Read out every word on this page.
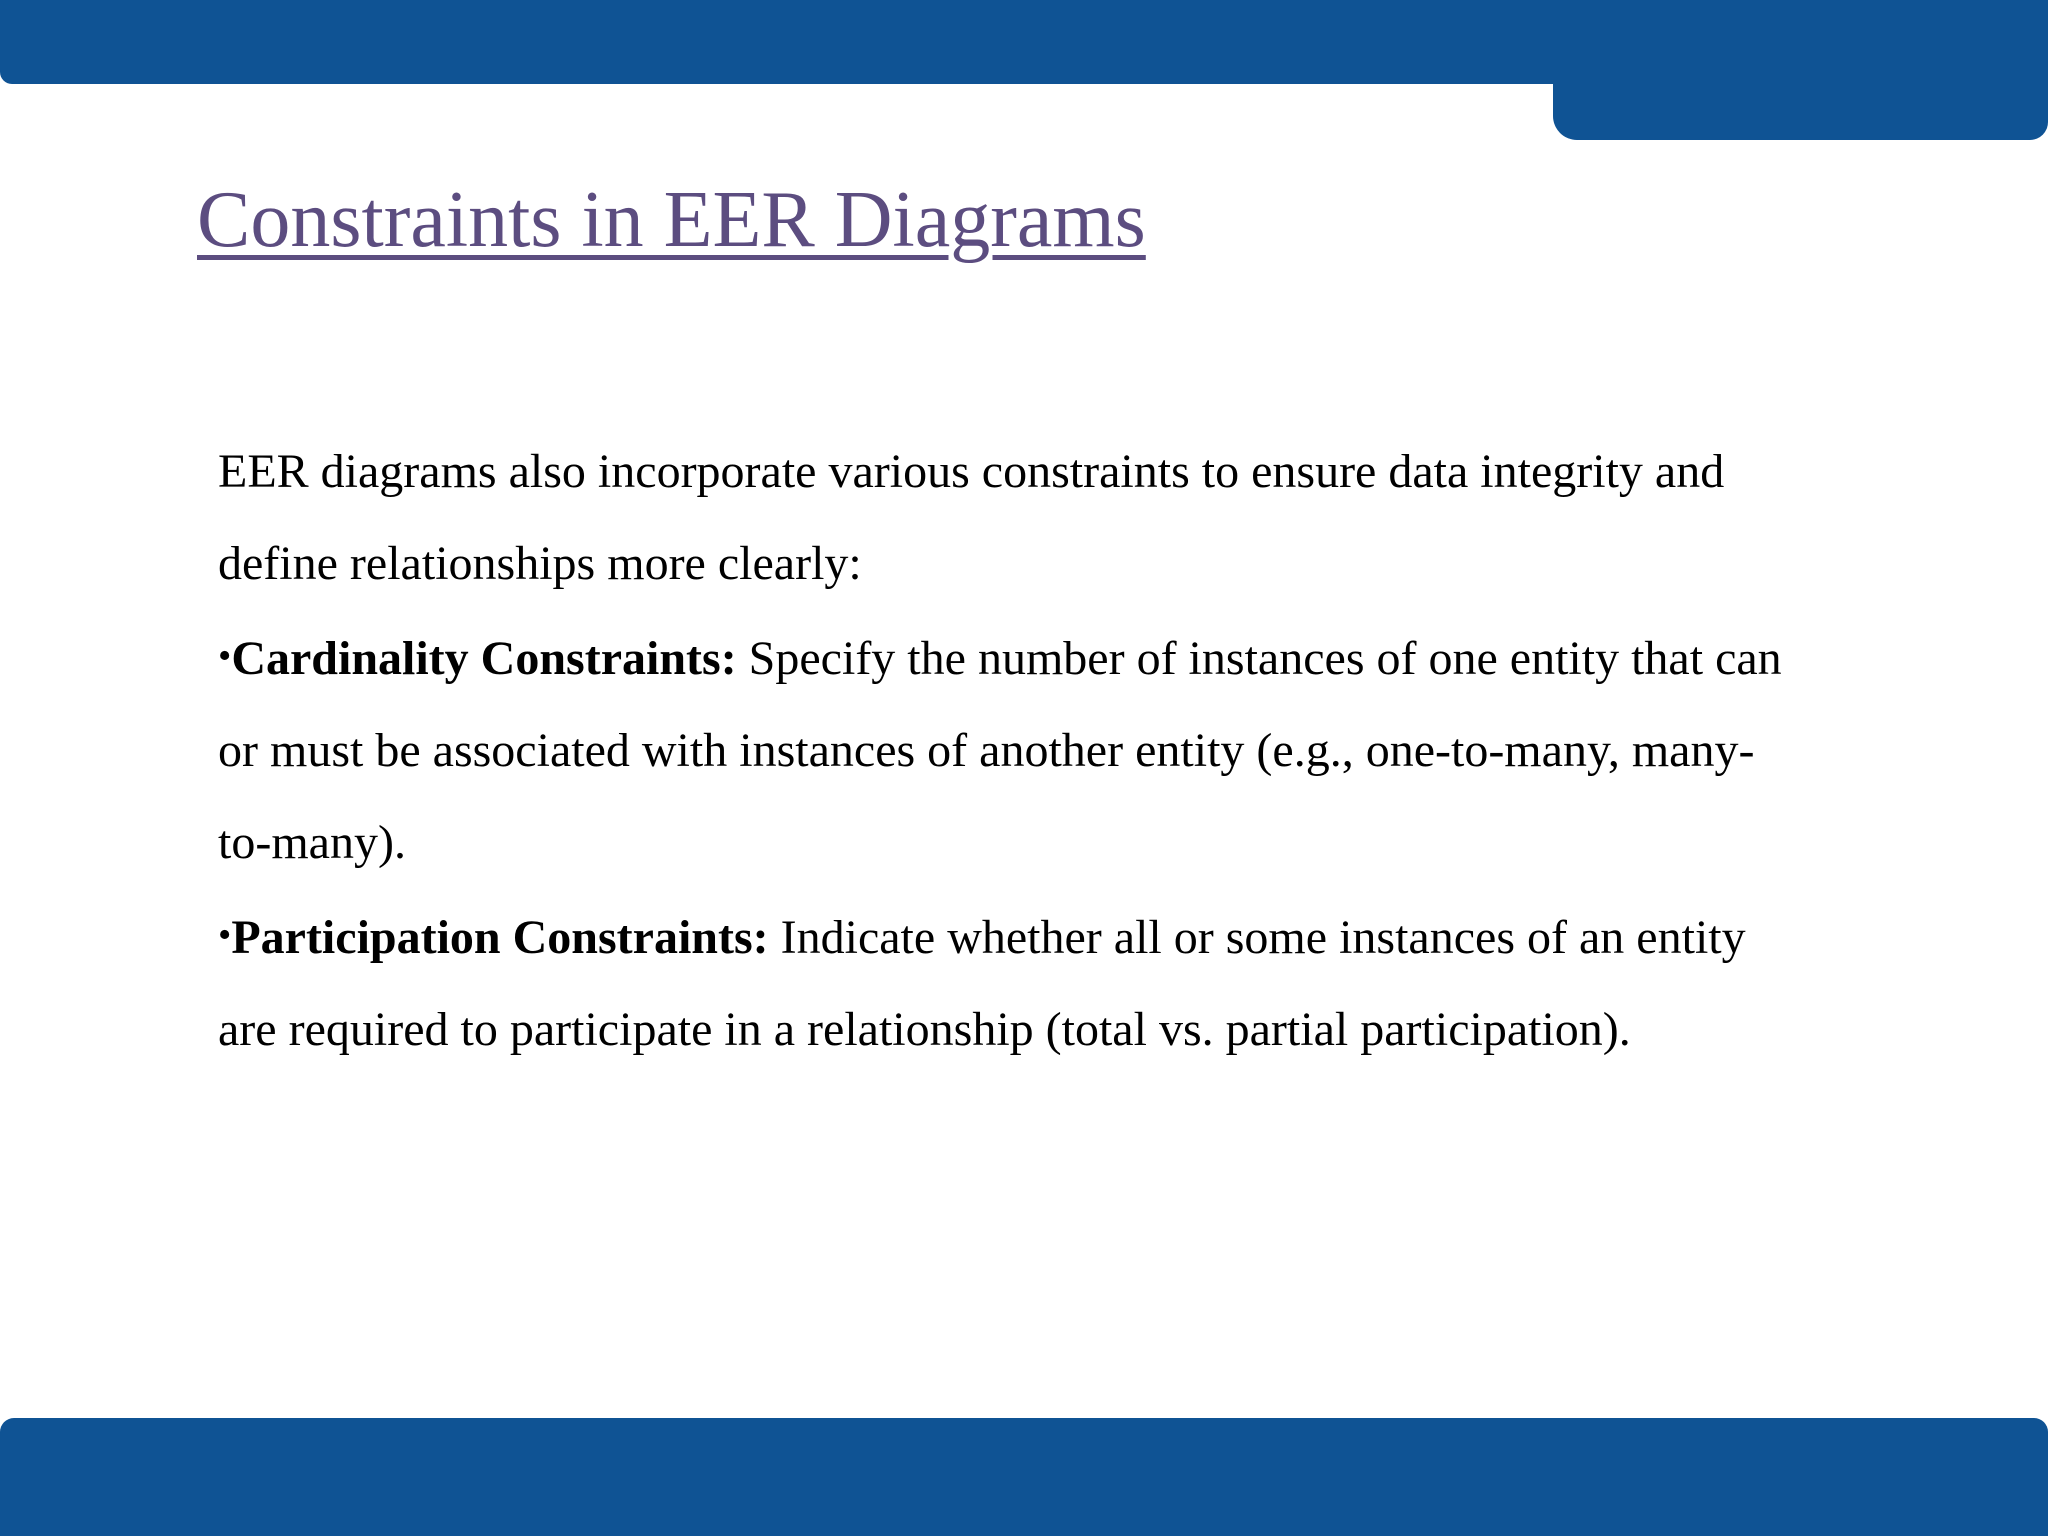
Constraints in EER Diagrams

EER diagrams also incorporate various constraints to ensure data integrity and define relationships more clearly:

•Cardinality Constraints: Specify the number of instances of one entity that can or must be associated with instances of another entity (e.g., one-to-many, many-to-many).

•Participation Constraints: Indicate whether all or some instances of an entity are required to participate in a relationship (total vs. partial participation).
